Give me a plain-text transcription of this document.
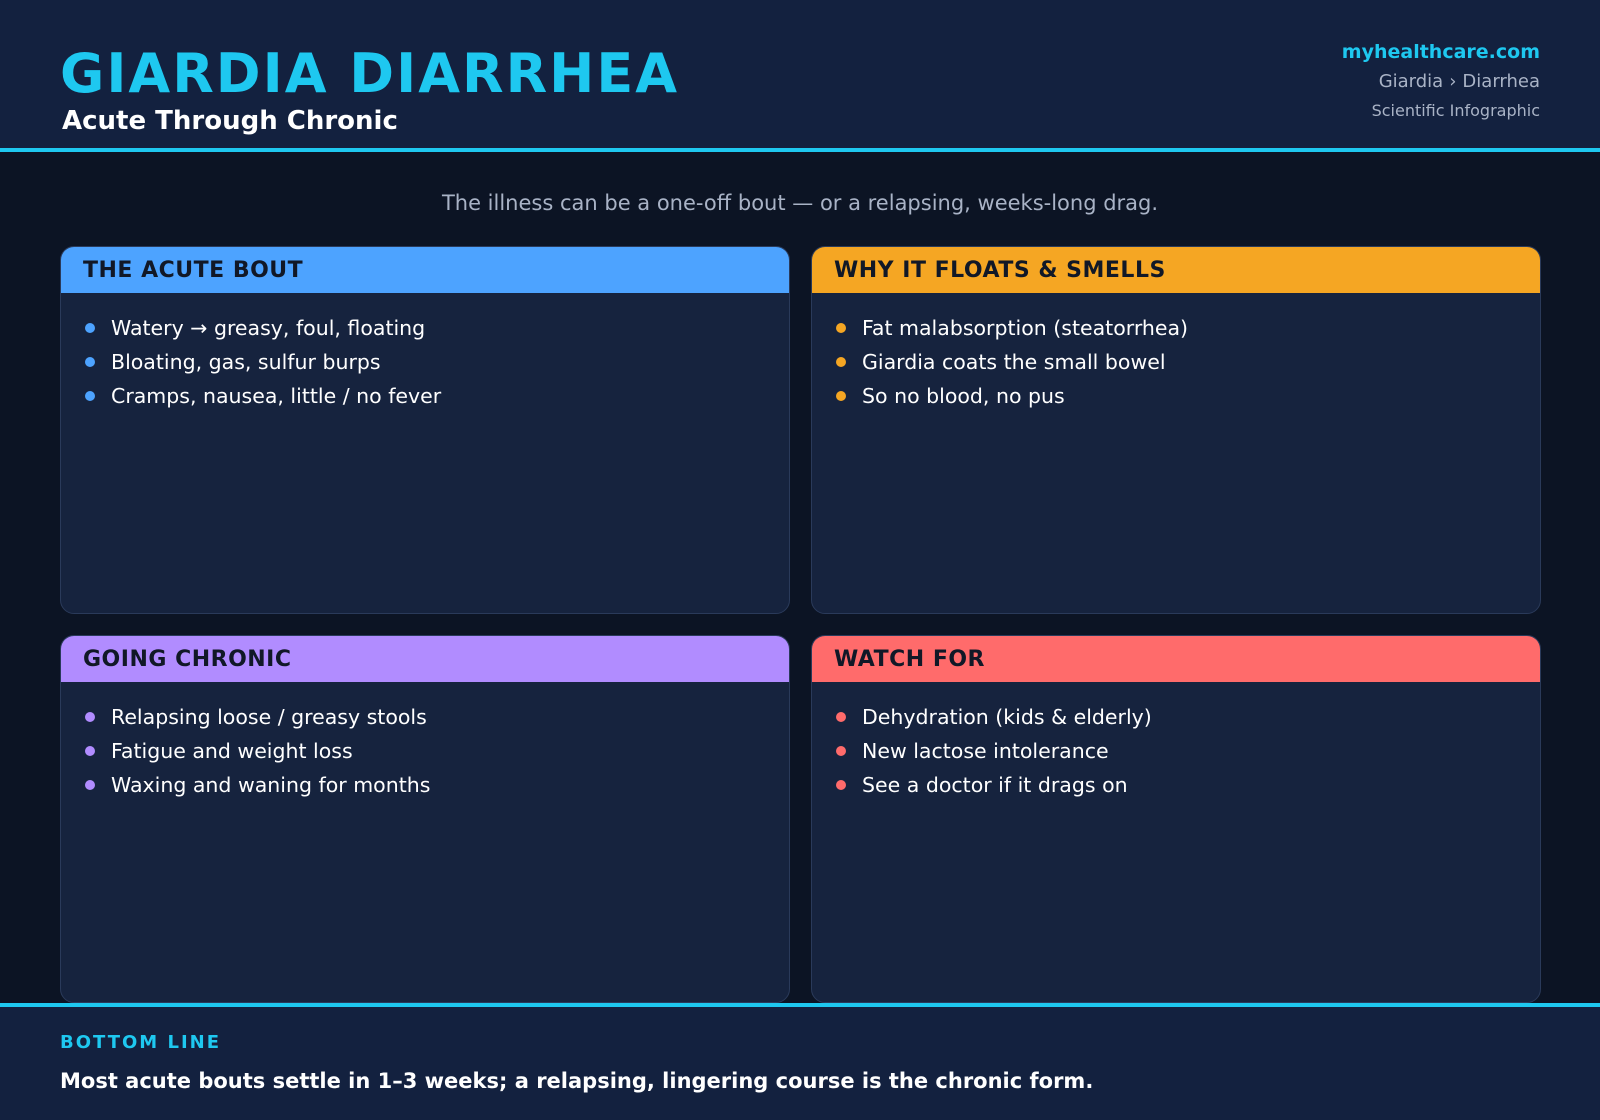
GIARDIA DIARRHEA
Acute Through Chronic
myhealthcare.com
Giardia › Diarrhea
Scientific Infographic
The illness can be a one-off bout — or a relapsing, weeks-long drag.
THE ACUTE BOUT
Watery → greasy, foul, floating
Bloating, gas, sulfur burps
Cramps, nausea, little / no fever
WHY IT FLOATS & SMELLS
Fat malabsorption (steatorrhea)
Giardia coats the small bowel
So no blood, no pus
GOING CHRONIC
Relapsing loose / greasy stools
Fatigue and weight loss
Waxing and waning for months
WATCH FOR
Dehydration (kids & elderly)
New lactose intolerance
See a doctor if it drags on
BOTTOM LINE
Most acute bouts settle in 1–3 weeks; a relapsing, lingering course is the chronic form.
